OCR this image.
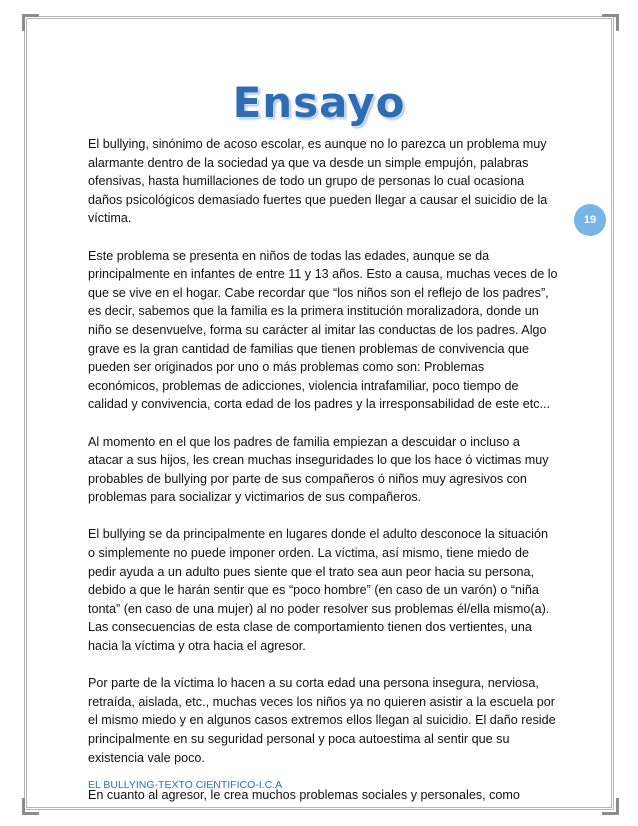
Ensayo
19

El bullying, sinónimo de acoso escolar, es aunque no lo parezca un problema muy alarmante dentro de la sociedad ya que va desde un simple empujón, palabras ofensivas, hasta humillaciones de todo un grupo de personas lo cual ocasiona daños psicológicos demasiado fuertes que pueden llegar a causar el suicidio de la víctima.

Este problema se presenta en niños de todas las edades, aunque se da principalmente en infantes de entre 11 y 13 años. Esto a causa, muchas veces de lo que se vive en el hogar. Cabe recordar que “los niños son el reflejo de los padres”, es decir, sabemos que la familia es la primera institución moralizadora, donde un niño se desenvuelve, forma su carácter al imitar las conductas de los padres. Algo grave es la gran cantidad de familias que tienen problemas de convivencia que pueden ser originados por uno o más problemas como son: Problemas económicos, problemas de adicciones, violencia intrafamiliar, poco tiempo de calidad y convivencia, corta edad de los padres y la irresponsabilidad de este etc...

Al momento en el que los padres de familia empiezan a descuidar o incluso a atacar a sus hijos, les crean muchas inseguridades lo que los hace ó victimas muy probables de bullying por parte de sus compañeros ó niños muy agresivos con problemas para socializar y victimarios de sus compañeros.

El bullying se da principalmente en lugares donde el adulto desconoce la situación o simplemente no puede imponer orden. La víctima, así mismo, tiene miedo de pedir ayuda a un adulto pues siente que el trato sea aun peor hacia su persona, debido a que le harán sentir que es “poco hombre” (en caso de un varón) o “niña tonta” (en caso de una mujer) al no poder resolver sus problemas él/ella mismo(a). Las consecuencias de esta clase de comportamiento tienen dos vertientes, una hacia la víctima y otra hacia el agresor.

Por parte de la víctima lo hacen a su corta edad una persona insegura, nerviosa, retraída, aislada, etc., muchas veces los niños ya no quieren asistir a la escuela por el mismo miedo y en algunos casos extremos ellos llegan al suicidio. El daño reside principalmente en su seguridad personal y poca autoestima al sentir que su existencia vale poco.

En cuanto al agresor, le crea muchos problemas sociales y personales, como

EL BULLYING-TEXTO CIENTIFICO-I.C.A
